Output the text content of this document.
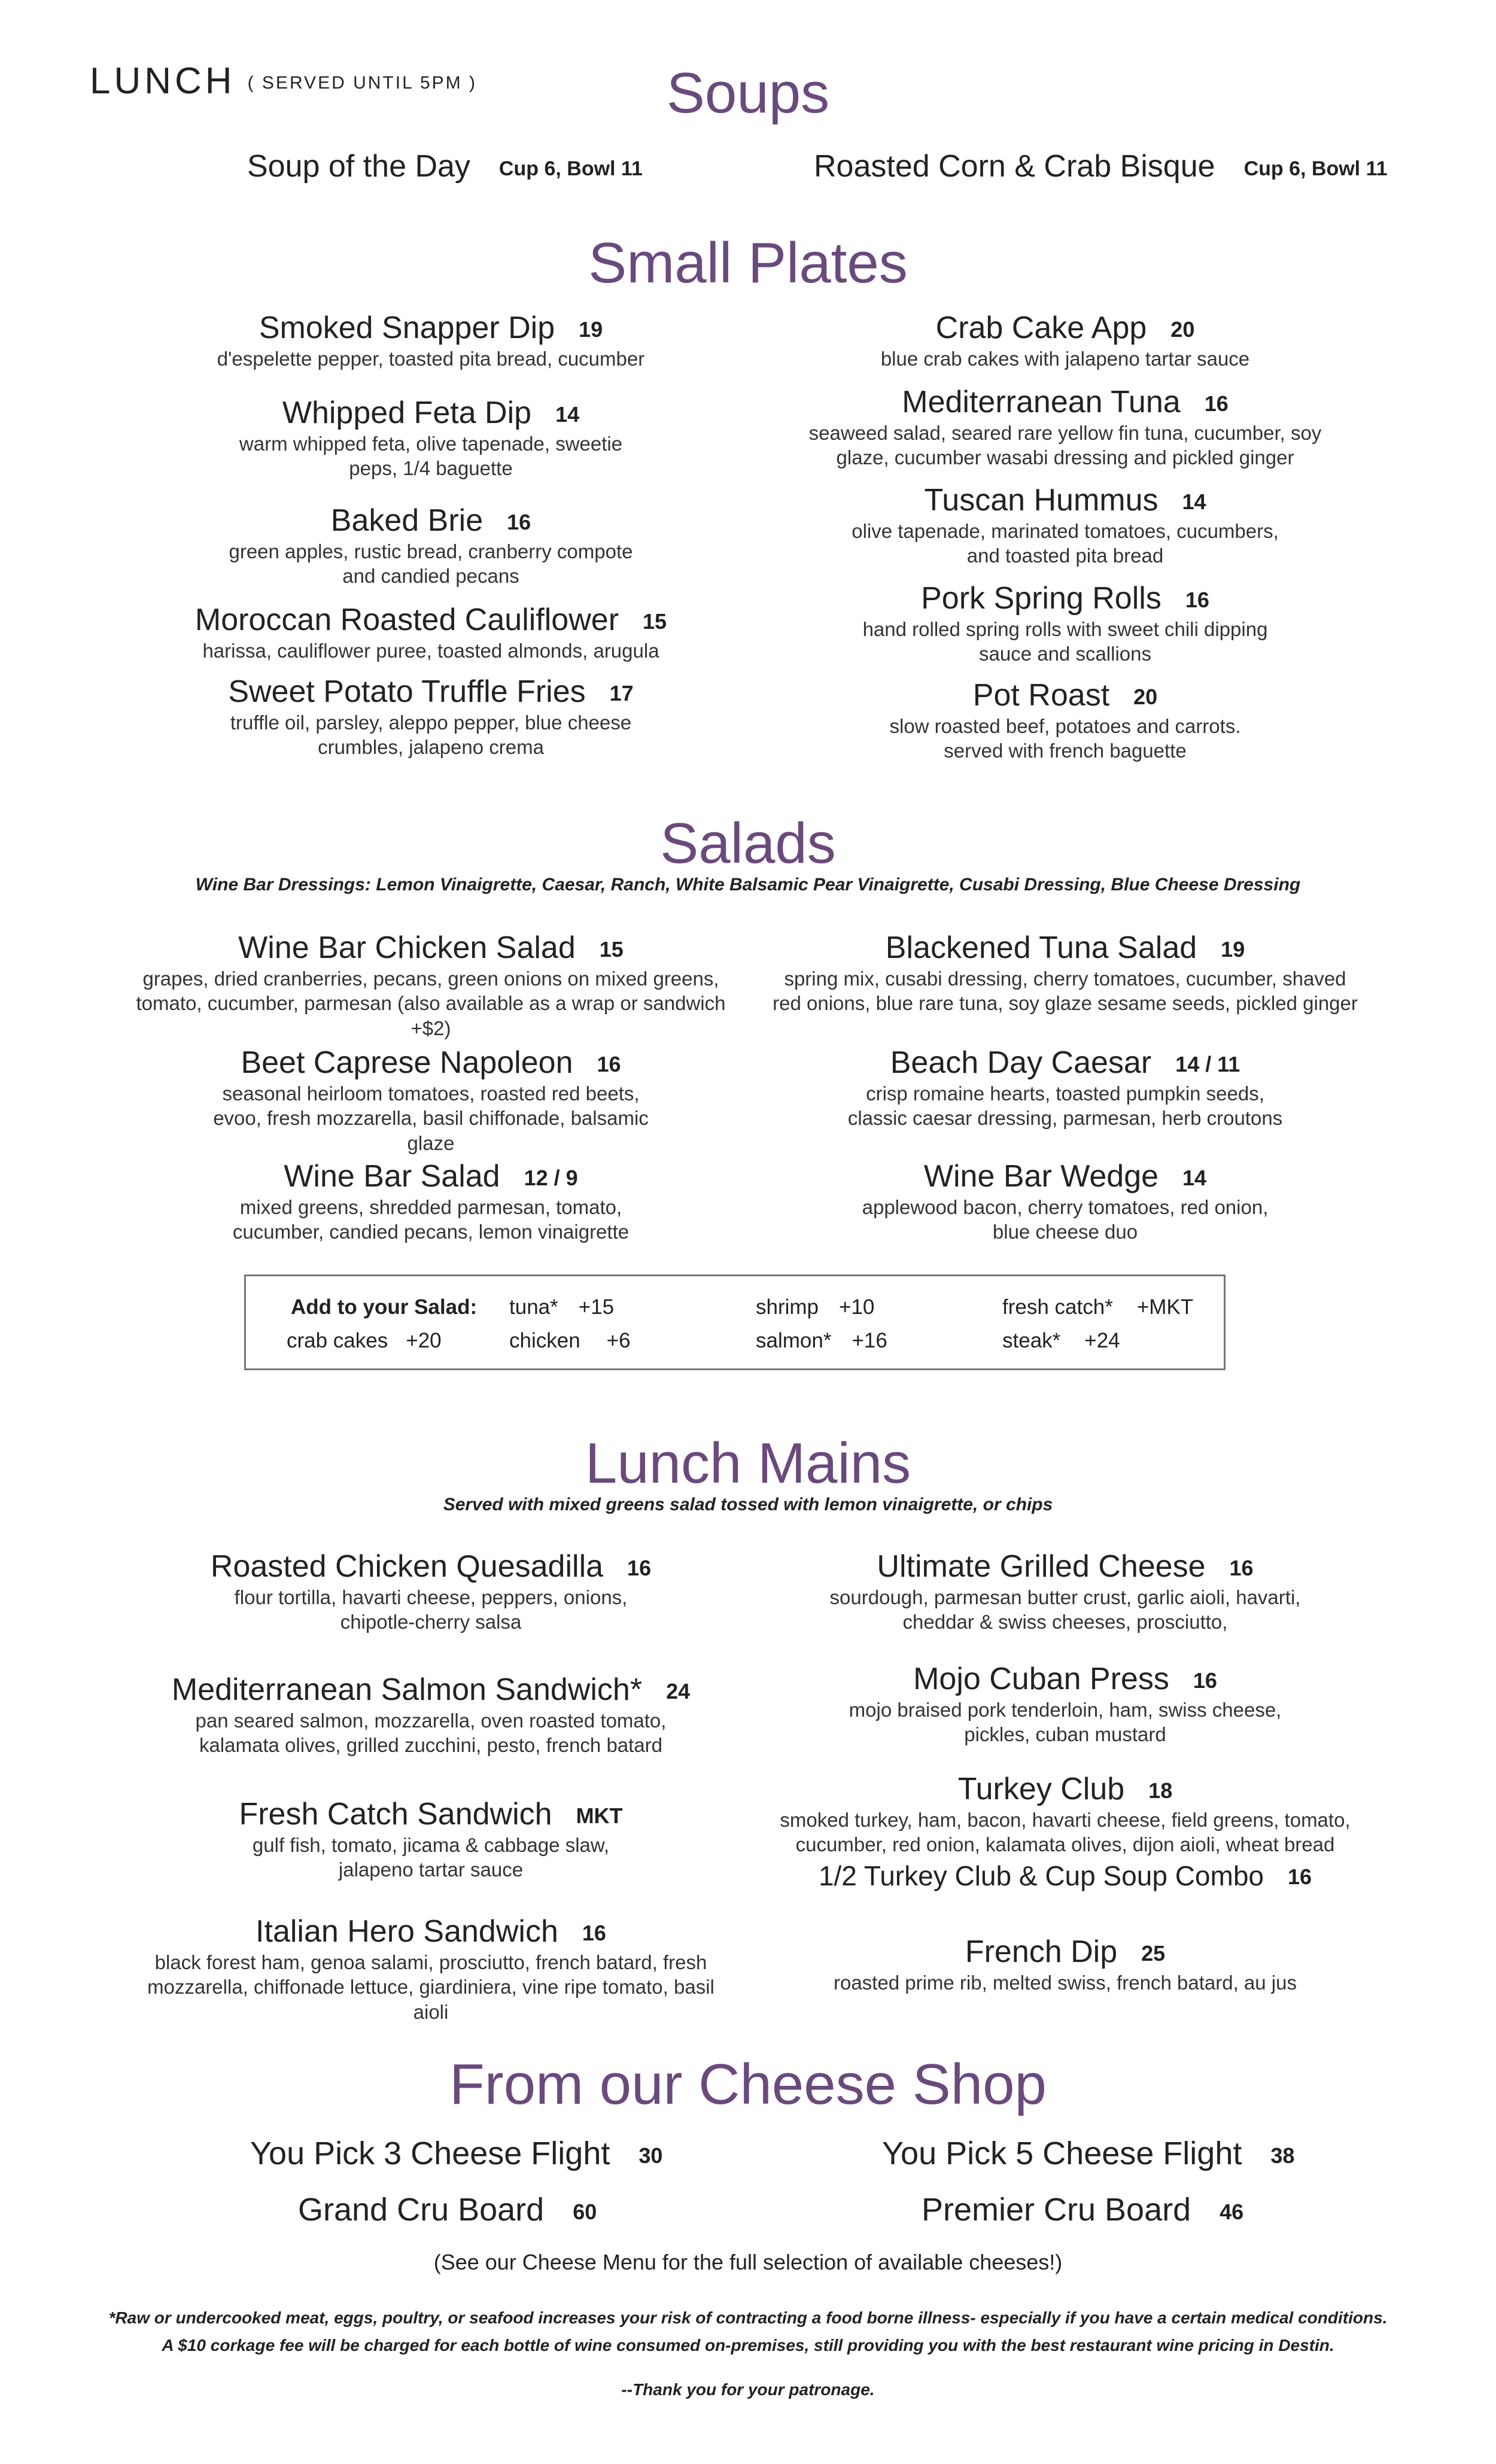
LUNCH ( SERVED UNTIL 5PM )	Soups
Soup of the Day Cup 6, Bowl 11	Roasted Corn & Crab Bisque Cup 6, Bowl 11
Small Plates
Smoked Snapper Dip 19
d'espelette pepper, toasted pita bread, cucumber
Whipped Feta Dip 14
warm whipped feta, olive tapenade, sweetie peps, 1/4 baguette
Baked Brie 16
green apples, rustic bread, cranberry compote and candied pecans
Moroccan Roasted Cauliflower 15
harissa, cauliflower puree, toasted almonds, arugula
Sweet Potato Truffle Fries 17
truffle oil, parsley, aleppo pepper, blue cheese crumbles, jalapeno crema
Crab Cake App 20
blue crab cakes with jalapeno tartar sauce
Mediterranean Tuna 16
seaweed salad, seared rare yellow fin tuna, cucumber, soy glaze, cucumber wasabi dressing and pickled ginger
Tuscan Hummus 14
olive tapenade, marinated tomatoes, cucumbers, and toasted pita bread
Pork Spring Rolls 16
hand rolled spring rolls with sweet chili dipping sauce and scallions
Pot Roast 20
slow roasted beef, potatoes and carrots. served with french baguette
Salads
Wine Bar Dressings: Lemon Vinaigrette, Caesar, Ranch, White Balsamic Pear Vinaigrette, Cusabi Dressing, Blue Cheese Dressing
Wine Bar Chicken Salad 15
grapes, dried cranberries, pecans, green onions on mixed greens, tomato, cucumber, parmesan (also available as a wrap or sandwich +$2)
Beet Caprese Napoleon 16
seasonal heirloom tomatoes, roasted red beets, evoo, fresh mozzarella, basil chiffonade, balsamic glaze
Wine Bar Salad 12 / 9
mixed greens, shredded parmesan, tomato, cucumber, candied pecans, lemon vinaigrette
Blackened Tuna Salad 19
spring mix, cusabi dressing, cherry tomatoes, cucumber, shaved red onions, blue rare tuna, soy glaze sesame seeds, pickled ginger
Beach Day Caesar 14 / 11
crisp romaine hearts, toasted pumpkin seeds, classic caesar dressing, parmesan, herb croutons
Wine Bar Wedge 14
applewood bacon, cherry tomatoes, red onion, blue cheese duo
Add to your Salad: tuna* +15	shrimp +10	fresh catch* +MKT
crab cakes +20	chicken +6	salmon* +16	steak* +24
Lunch Mains
Served with mixed greens salad tossed with lemon vinaigrette, or chips
Roasted Chicken Quesadilla 16
flour tortilla, havarti cheese, peppers, onions, chipotle-cherry salsa
Mediterranean Salmon Sandwich* 24
pan seared salmon, mozzarella, oven roasted tomato, kalamata olives, grilled zucchini, pesto, french batard
Fresh Catch Sandwich MKT
gulf fish, tomato, jicama & cabbage slaw, jalapeno tartar sauce
Italian Hero Sandwich 16
black forest ham, genoa salami, prosciutto, french batard, fresh mozzarella, chiffonade lettuce, giardiniera, vine ripe tomato, basil aioli
Ultimate Grilled Cheese 16
sourdough, parmesan butter crust, garlic aioli, havarti, cheddar & swiss cheeses, prosciutto,
Mojo Cuban Press 16
mojo braised pork tenderloin, ham, swiss cheese, pickles, cuban mustard
Turkey Club 18
smoked turkey, ham, bacon, havarti cheese, field greens, tomato, cucumber, red onion, kalamata olives, dijon aioli, wheat bread
1/2 Turkey Club & Cup Soup Combo 16
French Dip 25
roasted prime rib, melted swiss, french batard, au jus
From our Cheese Shop
You Pick 3 Cheese Flight 30	You Pick 5 Cheese Flight 38
Grand Cru Board 60	Premier Cru Board 46
(See our Cheese Menu for the full selection of available cheeses!)
*Raw or undercooked meat, eggs, poultry, or seafood increases your risk of contracting a food borne illness- especially if you have a certain medical conditions.
A $10 corkage fee will be charged for each bottle of wine consumed on-premises, still providing you with the best restaurant wine pricing in Destin.
--Thank you for your patronage.
